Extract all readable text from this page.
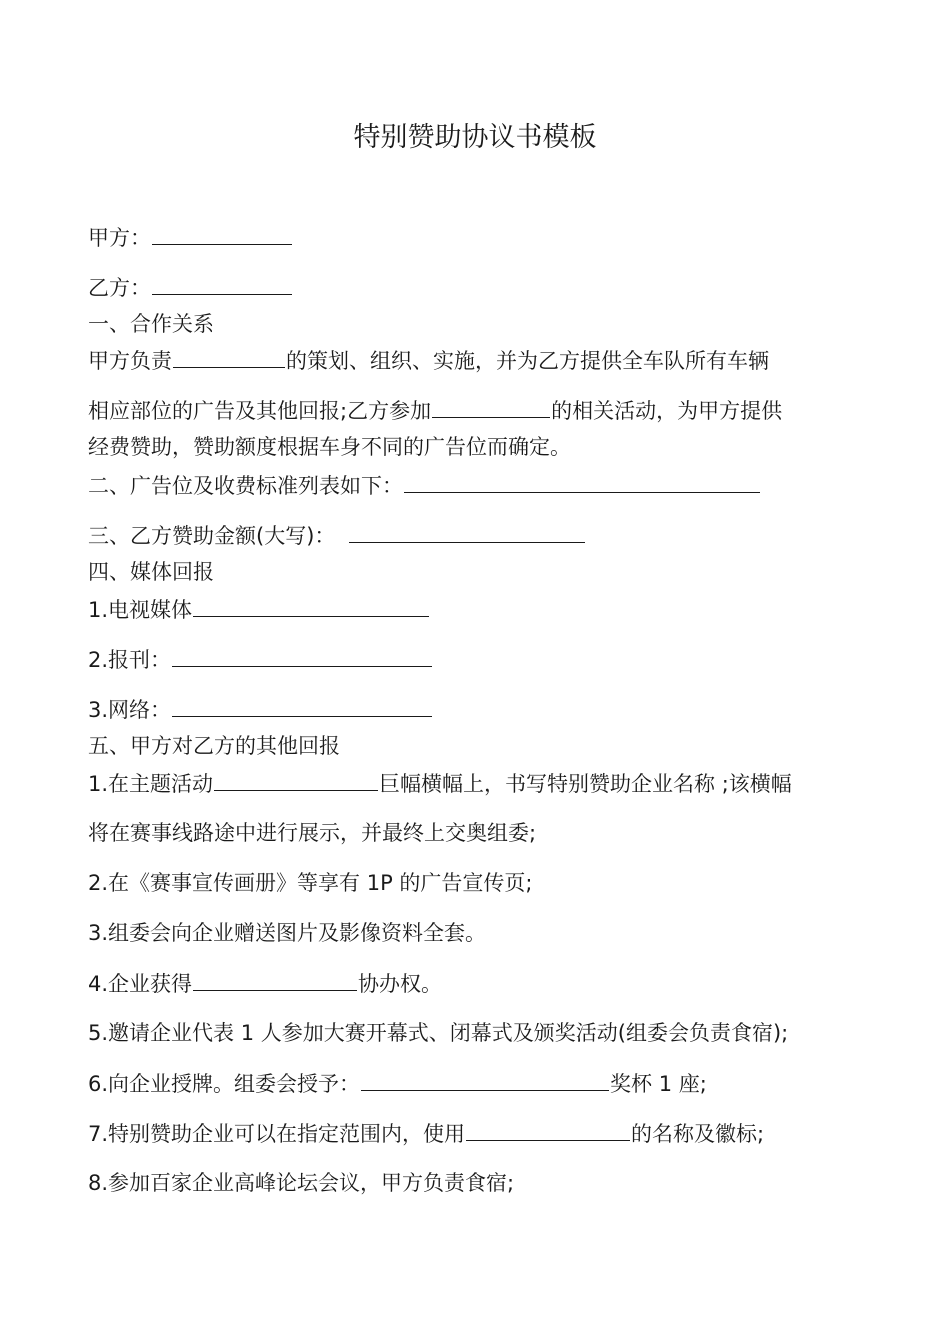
特别赞助协议书模板
甲方：
乙方：
一、合作关系
甲方负责	的策划、组织、实施，并为乙方提供全车队所有车辆
相应部位的广告及其他回报;乙方参加	的相关活动，为甲方提供
经费赞助，赞助额度根据车身不同的广告位而确定。
二、广告位及收费标准列表如下：
三、乙方赞助金额(大写)：
四、媒体回报
1.电视媒体
2.报刊：
3.网络：
五、甲方对乙方的其他回报
1.在主题活动	巨幅横幅上，书写特别赞助企业名称 ;该横幅
将在赛事线路途中进行展示，并最终上交奥组委;
2.在《赛事宣传画册》等享有 1P 的广告宣传页;
3.组委会向企业赠送图片及影像资料全套。
4.企业获得	协办权。
5.邀请企业代表 1 人参加大赛开幕式、闭幕式及颁奖活动(组委会负责食宿);
6.向企业授牌。组委会授予：	奖杯 1 座;
7.特别赞助企业可以在指定范围内，使用	的名称及徽标;
8.参加百家企业高峰论坛会议，甲方负责食宿;
